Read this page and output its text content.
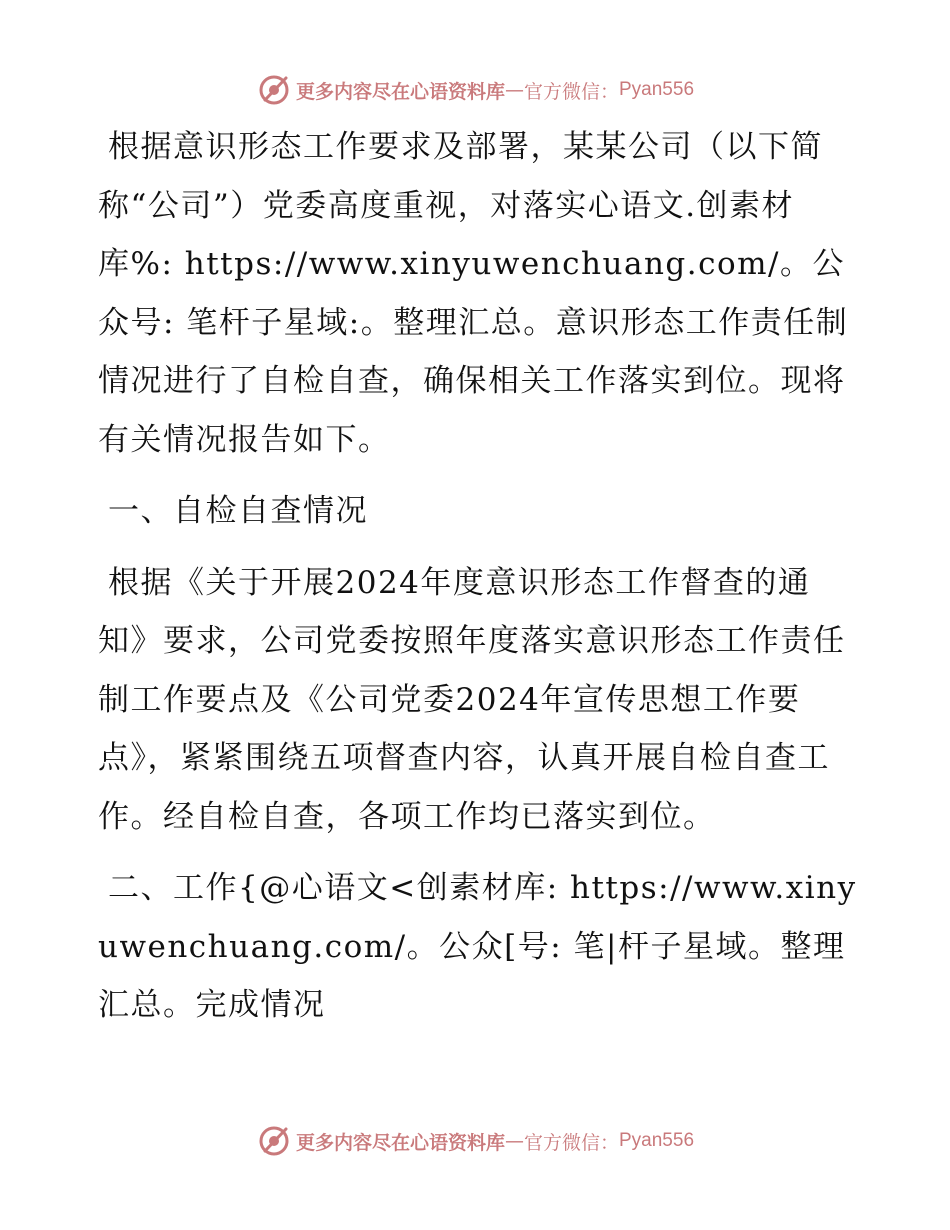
更多内容尽在心语资料库 — 官方微信： Pyan556

根据意识形态工作要求及部署，某某公司（以下简称“公司”）党委高度重视，对落实心语文.创素材库%: https://www.xinyuwenchuang.com/。公众号: 笔杆子星域:。整理汇总。意识形态工作责任制情况进行了自检自查，确保相关工作落实到位。现将有关情况报告如下。

一、自检自查情况

根据《关于开展2024年度意识形态工作督查的通知》要求，公司党委按照年度落实意识形态工作责任制工作要点及《公司党委2024年宣传思想工作要点》，紧紧围绕五项督查内容，认真开展自检自查工作。经自检自查，各项工作均已落实到位。

二、工作{@心语文<创素材库: https://www.xinyuwenchuang.com/。公众[号: 笔|杆子星域。整理汇总。完成情况

更多内容尽在心语资料库 — 官方微信： Pyan556
